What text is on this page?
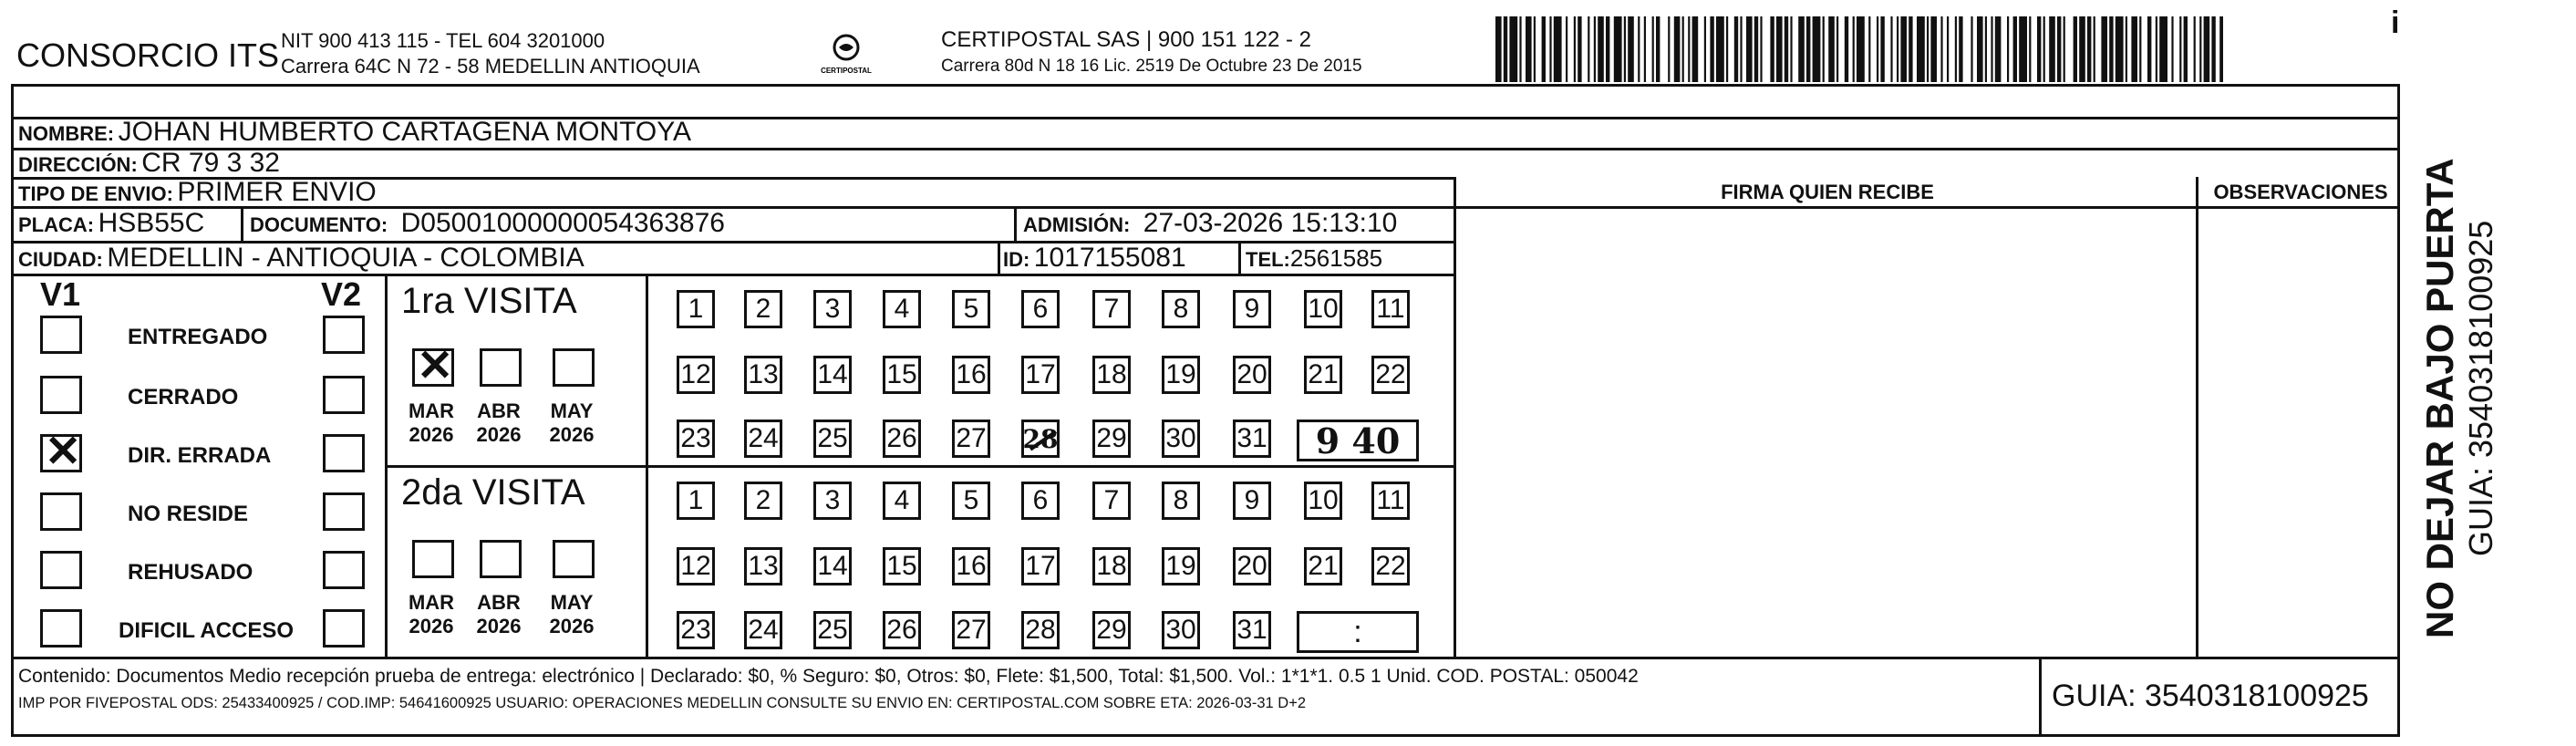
CONSORCIO ITS NIT 900 413 115 - TEL 604 3201000
Carrera 64C N 72 - 58 MEDELLIN ANTIOQUIA	CERTIPOSTAL
CERTIPOSTAL SAS | 900 151 122 - 2
Carrera 80d N 18 16 Lic. 2519 De Octubre 23 De 2015
i
NOMBRE: JOHAN HUMBERTO CARTAGENA MONTOYA
DIRECCIÓN: CR 79 3 32
TIPO DE ENVIO: PRIMER ENVIO	FIRMA QUIEN RECIBE	OBSERVACIONES
PLACA: HSB55C DOCUMENTO: D05001000000054363876	ADMISIÓN: 27-03-2026 15:13:10
CIUDAD: MEDELLIN - ANTIOQUIA - COLOMBIA	ID: 1017155081	TEL:2561585
V1	V2
ENTREGADO
CERRADO
✕ DIR. ERRADA
NO RESIDE
REHUSADO
DIFICIL ACCESO
1ra VISITA
2da VISITA
✕
MAR
2026
ABR
2026
MAY
2026
1	2	3	4	5	6	7	8	9	10 11
12 13 14 15 16 17 18 19 20 21 22
23 24 25 26 27 28 29 30 31	9 40
MAR
2026
ABR
2026
MAY
2026
1	2	3	4	5	6	7	8	9	10 11
12 13 14 15 16 17 18 19 20 21 22
23 24 25 26 27 28 29 30 31	:
Contenido: Documentos Medio recepción prueba de entrega: electrónico | Declarado: $0, % Seguro: $0, Otros: $0, Flete: $1,500, Total: $1,500. Vol.: 1*1*1. 0.5 1 Unid. COD. POSTAL: 050042
IMP POR FIVEPOSTAL ODS: 25433400925 / COD.IMP: 54641600925 USUARIO: OPERACIONES MEDELLIN CONSULTE SU ENVIO EN: CERTIPOSTAL.COM SOBRE ETA: 2026-03-31 D+2	GUIA: 3540318100925
NO DEJAR BAJO PUERTA GUIA: 3540318100925
